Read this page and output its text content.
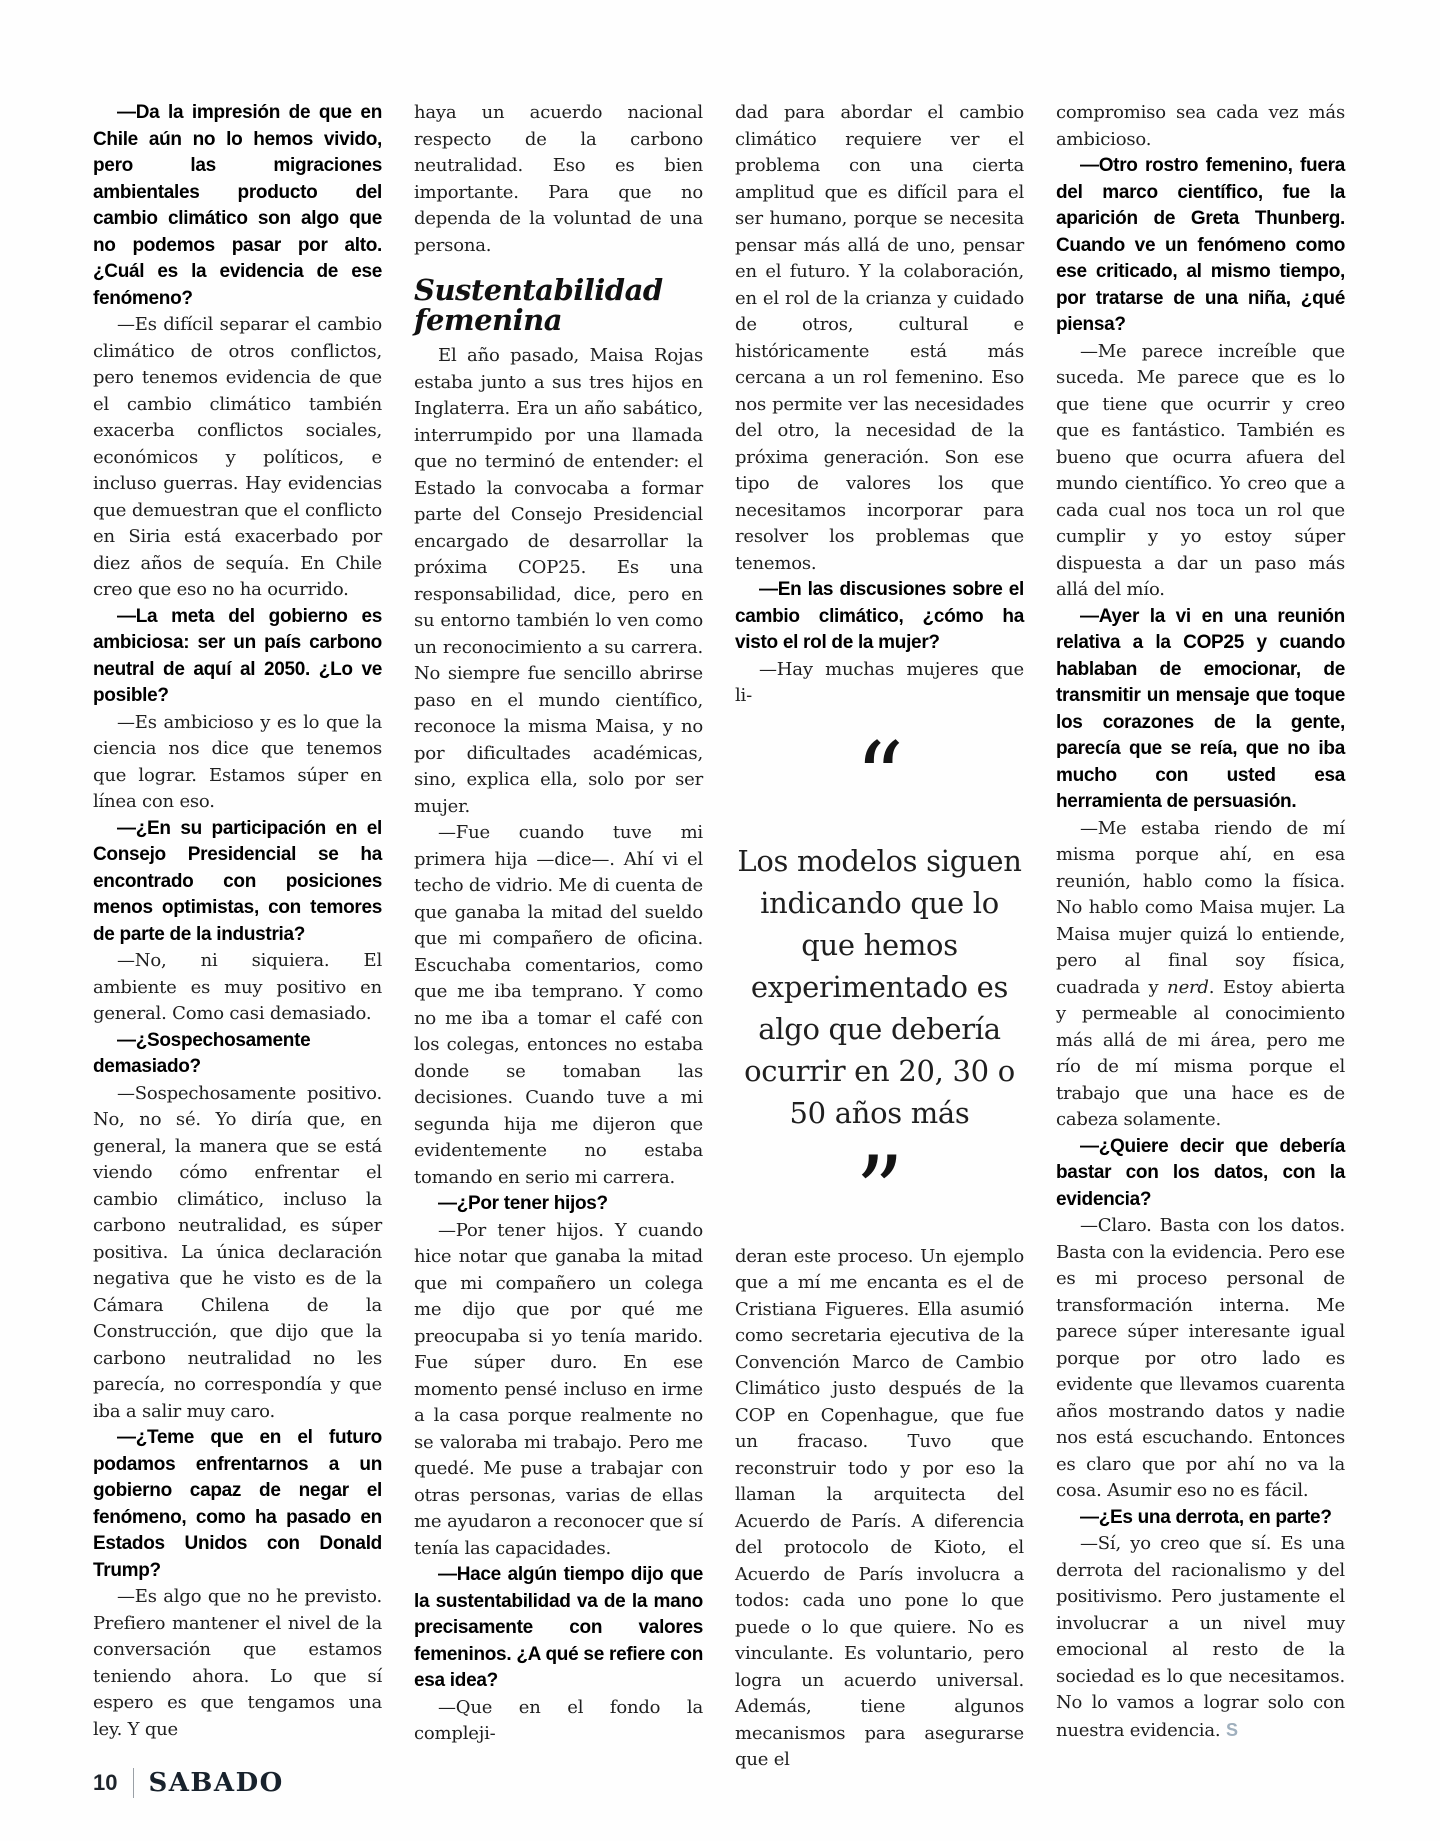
—Da la impresión de que en Chile aún no lo hemos vivido, pero las migraciones ambientales producto del cambio climático son algo que no podemos pasar por alto. ¿Cuál es la evidencia de ese fenómeno?

—Es difícil separar el cambio climático de otros conflictos, pero tenemos evidencia de que el cambio climático también exacerba conflictos sociales, económicos y políticos, e incluso guerras. Hay evidencias que demuestran que el conflicto en Siria está exacerbado por diez años de sequía. En Chile creo que eso no ha ocurrido.

—La meta del gobierno es ambiciosa: ser un país carbono neutral de aquí al 2050. ¿Lo ve posible?

—Es ambicioso y es lo que la ciencia nos dice que tenemos que lograr. Estamos súper en línea con eso.

—¿En su participación en el Consejo Presidencial se ha encontrado con posiciones menos optimistas, con temores de parte de la industria?

—No, ni siquiera. El ambiente es muy positivo en general. Como casi demasiado.

—¿Sospechosamente demasiado?

—Sospechosamente positivo. No, no sé. Yo diría que, en general, la manera que se está viendo cómo enfrentar el cambio climático, incluso la carbono neutralidad, es súper positiva. La única declaración negativa que he visto es de la Cámara Chilena de la Construcción, que dijo que la carbono neutralidad no les parecía, no correspondía y que iba a salir muy caro.

—¿Teme que en el futuro podamos enfrentarnos a un gobierno capaz de negar el fenómeno, como ha pasado en Estados Unidos con Donald Trump?

—Es algo que no he previsto. Prefiero mantener el nivel de la conversación que estamos teniendo ahora. Lo que sí espero es que tengamos una ley. Y que

haya un acuerdo nacional respecto de la carbono neutralidad. Eso es bien importante. Para que no dependa de la voluntad de una persona.

Sustentabilidad femenina

El año pasado, Maisa Rojas estaba junto a sus tres hijos en Inglaterra. Era un año sabático, interrumpido por una llamada que no terminó de entender: el Estado la convocaba a formar parte del Consejo Presidencial encargado de desarrollar la próxima COP25. Es una responsabilidad, dice, pero en su entorno también lo ven como un reconocimiento a su carrera. No siempre fue sencillo abrirse paso en el mundo científico, reconoce la misma Maisa, y no por dificultades académicas, sino, explica ella, solo por ser mujer.

—Fue cuando tuve mi primera hija —dice—. Ahí vi el techo de vidrio. Me di cuenta de que ganaba la mitad del sueldo que mi compañero de oficina. Escuchaba comentarios, como que me iba temprano. Y como no me iba a tomar el café con los colegas, entonces no estaba donde se tomaban las decisiones. Cuando tuve a mi segunda hija me dijeron que evidentemente no estaba tomando en serio mi carrera.

—¿Por tener hijos?

—Por tener hijos. Y cuando hice notar que ganaba la mitad que mi compañero un colega me dijo que por qué me preocupaba si yo tenía marido. Fue súper duro. En ese momento pensé incluso en irme a la casa porque realmente no se valoraba mi trabajo. Pero me quedé. Me puse a trabajar con otras personas, varias de ellas me ayudaron a reconocer que sí tenía las capacidades.

—Hace algún tiempo dijo que la sustentabilidad va de la mano precisamente con valores femeninos. ¿A qué se refiere con esa idea?

—Que en el fondo la compleji-

dad para abordar el cambio climático requiere ver el problema con una cierta amplitud que es difícil para el ser humano, porque se necesita pensar más allá de uno, pensar en el futuro. Y la colaboración, en el rol de la crianza y cuidado de otros, cultural e históricamente está más cercana a un rol femenino. Eso nos permite ver las necesidades del otro, la necesidad de la próxima generación. Son ese tipo de valores los que necesitamos incorporar para resolver los problemas que tenemos.

—En las discusiones sobre el cambio climático, ¿cómo ha visto el rol de la mujer?

—Hay muchas mujeres que li-

“
Los modelos siguen indicando que lo que hemos experimentado es algo que debería ocurrir en 20, 30 o 50 años más
”

deran este proceso. Un ejemplo que a mí me encanta es el de Cristiana Figueres. Ella asumió como secretaria ejecutiva de la Convención Marco de Cambio Climático justo después de la COP en Copenhague, que fue un fracaso. Tuvo que reconstruir todo y por eso la llaman la arquitecta del Acuerdo de París. A diferencia del protocolo de Kioto, el Acuerdo de París involucra a todos: cada uno pone lo que puede o lo que quiere. No es vinculante. Es voluntario, pero logra un acuerdo universal. Además, tiene algunos mecanismos para asegurarse que el

compromiso sea cada vez más ambicioso.

—Otro rostro femenino, fuera del marco científico, fue la aparición de Greta Thunberg. Cuando ve un fenómeno como ese criticado, al mismo tiempo, por tratarse de una niña, ¿qué piensa?

—Me parece increíble que suceda. Me parece que es lo que tiene que ocurrir y creo que es fantástico. También es bueno que ocurra afuera del mundo científico. Yo creo que a cada cual nos toca un rol que cumplir y yo estoy súper dispuesta a dar un paso más allá del mío.

—Ayer la vi en una reunión relativa a la COP25 y cuando hablaban de emocionar, de transmitir un mensaje que toque los corazones de la gente, parecía que se reía, que no iba mucho con usted esa herramienta de persuasión.

—Me estaba riendo de mí misma porque ahí, en esa reunión, hablo como la física. No hablo como Maisa mujer. La Maisa mujer quizá lo entiende, pero al final soy física, cuadrada y nerd. Estoy abierta y permeable al conocimiento más allá de mi área, pero me río de mí misma porque el trabajo que una hace es de cabeza solamente.

—¿Quiere decir que debería bastar con los datos, con la evidencia?

—Claro. Basta con los datos. Basta con la evidencia. Pero ese es mi proceso personal de transformación interna. Me parece súper interesante igual porque por otro lado es evidente que llevamos cuarenta años mostrando datos y nadie nos está escuchando. Entonces es claro que por ahí no va la cosa. Asumir eso no es fácil.

—¿Es una derrota, en parte?

—Sí, yo creo que sí. Es una derrota del racionalismo y del positivismo. Pero justamente el involucrar a un nivel muy emocional al resto de la sociedad es lo que necesitamos. No lo vamos a lograr solo con nuestra evidencia. S

10 SABADO
